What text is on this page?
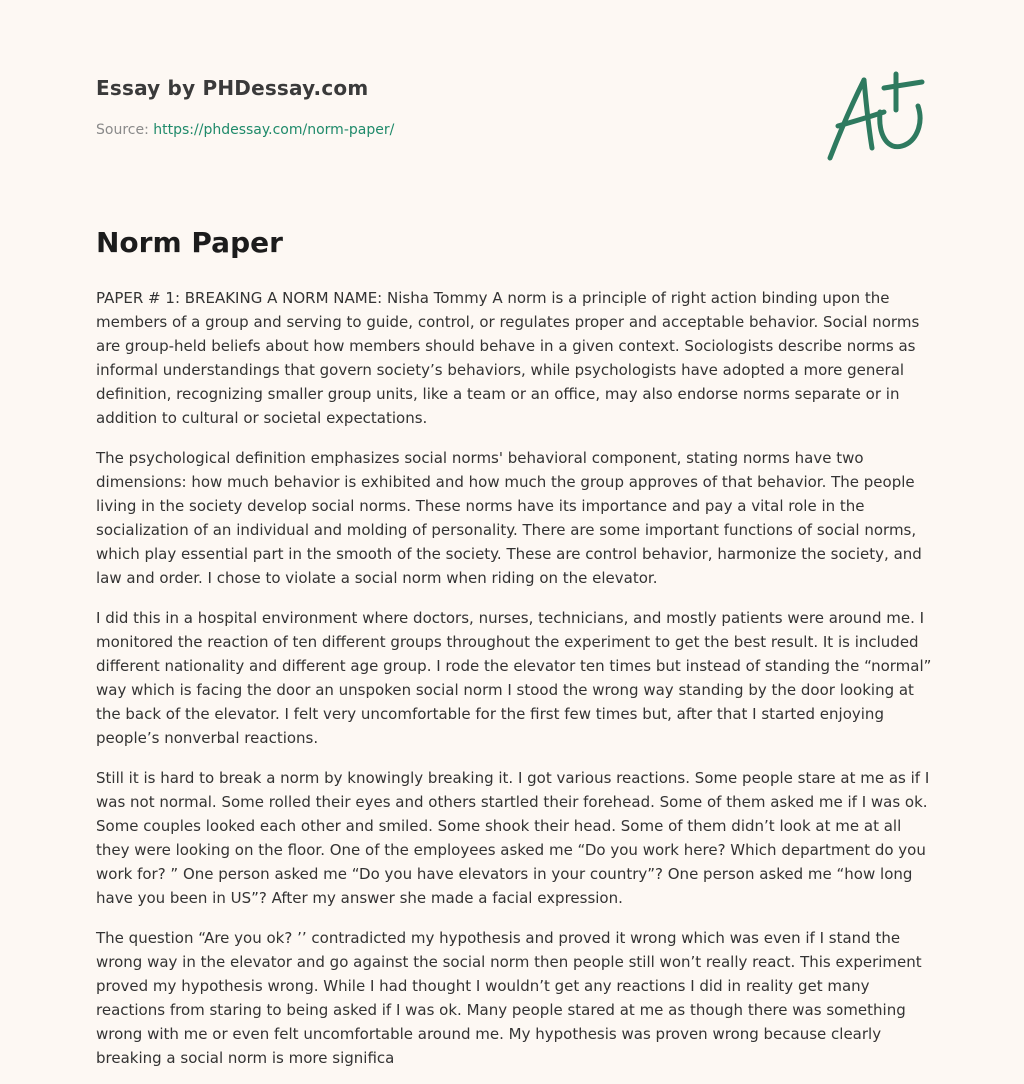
Essay by PHDessay.com
Source: https://phdessay.com/norm-paper/
Norm Paper

PAPER # 1: BREAKING A NORM NAME: Nisha Tommy A norm is a principle of right action binding upon the members of a group and serving to guide, control, or regulates proper and acceptable behavior. Social norms are group-held beliefs about how members should behave in a given context. Sociologists describe norms as informal understandings that govern society’s behaviors, while psychologists have adopted a more general definition, recognizing smaller group units, like a team or an office, may also endorse norms separate or in addition to cultural or societal expectations.

The psychological definition emphasizes social norms' behavioral component, stating norms have two dimensions: how much behavior is exhibited and how much the group approves of that behavior. The people living in the society develop social norms. These norms have its importance and pay a vital role in the socialization of an individual and molding of personality. There are some important functions of social norms, which play essential part in the smooth of the society. These are control behavior, harmonize the society, and law and order. I chose to violate a social norm when riding on the elevator.

I did this in a hospital environment where doctors, nurses, technicians, and mostly patients were around me. I monitored the reaction of ten different groups throughout the experiment to get the best result. It is included different nationality and different age group. I rode the elevator ten times but instead of standing the “normal” way which is facing the door an unspoken social norm I stood the wrong way standing by the door looking at the back of the elevator. I felt very uncomfortable for the first few times but, after that I started enjoying people’s nonverbal reactions.

Still it is hard to break a norm by knowingly breaking it. I got various reactions. Some people stare at me as if I was not normal. Some rolled their eyes and others startled their forehead. Some of them asked me if I was ok. Some couples looked each other and smiled. Some shook their head. Some of them didn’t look at me at all they were looking on the floor. One of the employees asked me “Do you work here? Which department do you work for? ” One person asked me “Do you have elevators in your country”? One person asked me “how long have you been in US”? After my answer she made a facial expression.

The question “Are you ok? ’’ contradicted my hypothesis and proved it wrong which was even if I stand the wrong way in the elevator and go against the social norm then people still won’t really react. This experiment proved my hypothesis wrong. While I had thought I wouldn’t get any reactions I did in reality get many reactions from staring to being asked if I was ok. Many people stared at me as though there was something wrong with me or even felt uncomfortable around me. My hypothesis was proven wrong because clearly breaking a social norm is more significa
